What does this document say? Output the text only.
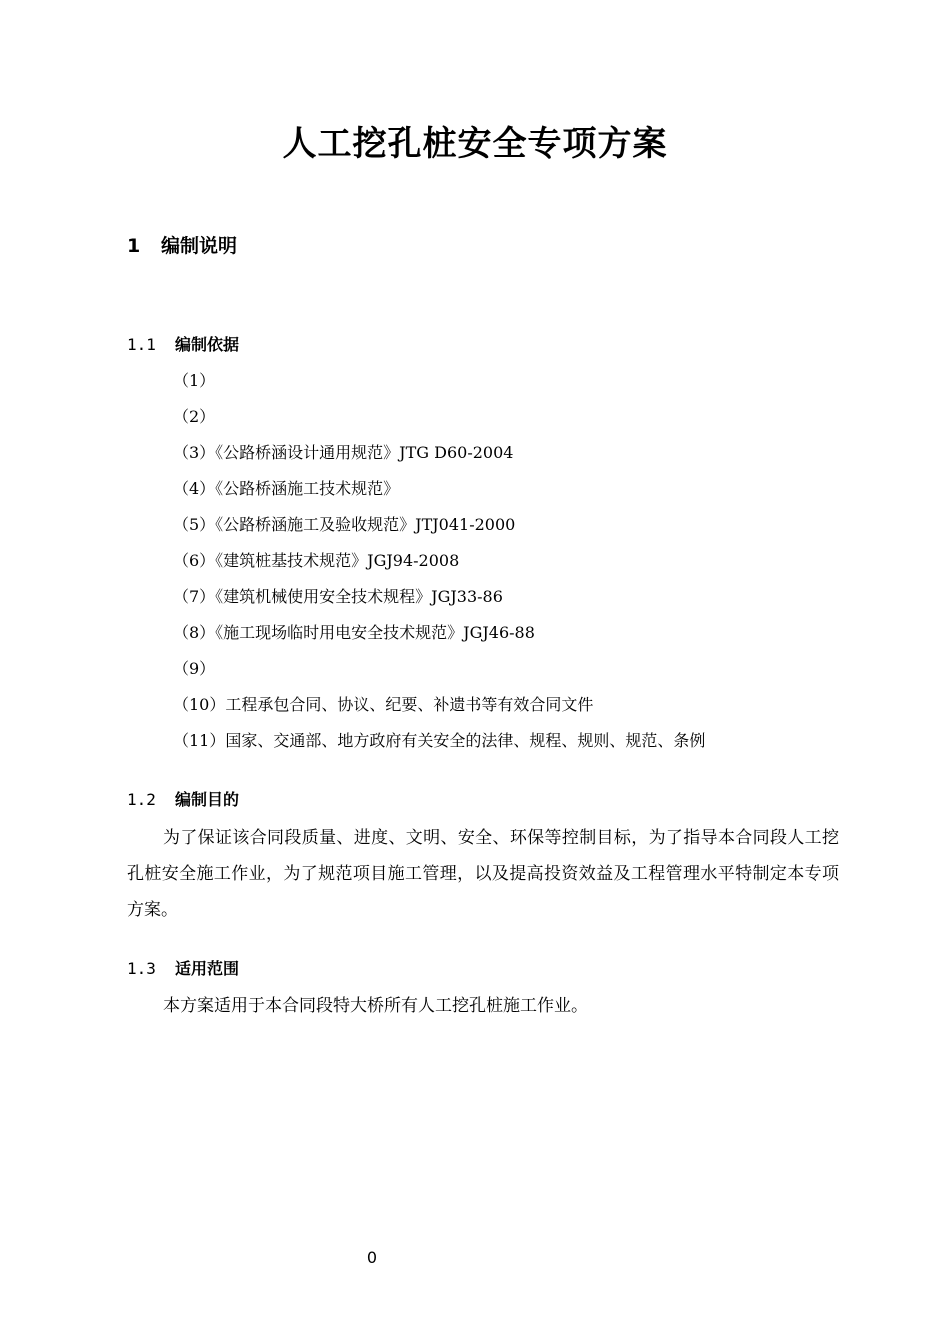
人工挖孔桩安全专项方案
1 编制说明
1.1 编制依据
（1）
（2）
（3）《公路桥涵设计通用规范》JTG D60-2004
（4）《公路桥涵施工技术规范》
（5）《公路桥涵施工及验收规范》JTJ041-2000
（6）《建筑桩基技术规范》JGJ94-2008
（7）《建筑机械使用安全技术规程》JGJ33-86
（8）《施工现场临时用电安全技术规范》JGJ46-88
（9）
（10）工程承包合同、协议、纪要、补遗书等有效合同文件
（11）国家、交通部、地方政府有关安全的法律、规程、规则、规范、条例
1.2 编制目的

为了保证该合同段质量、进度、文明、安全、环保等控制目标，为了指导本合同段人工挖孔桩安全施工作业，为了规范项目施工管理，以及提高投资效益及工程管理水平特制定本专项方案。

1.3 适用范围

本方案适用于本合同段特大桥所有人工挖孔桩施工作业。

0
